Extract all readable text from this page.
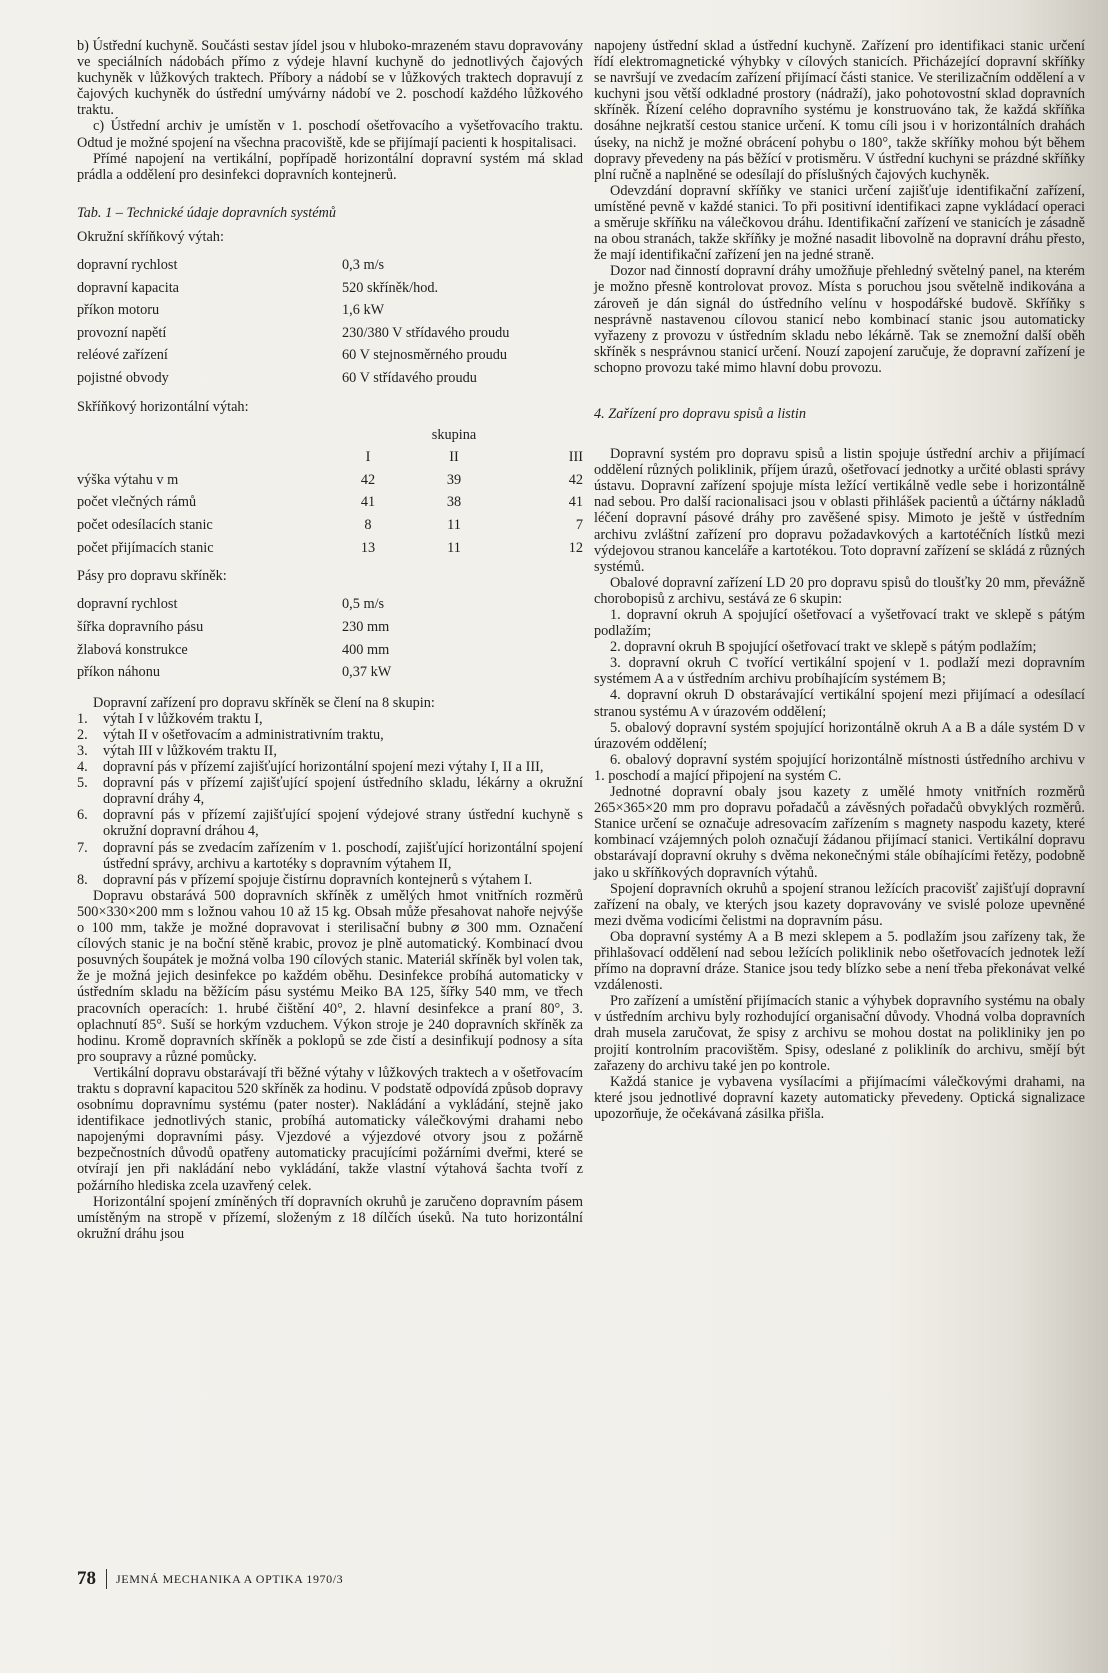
b) Ústřední kuchyně. Součásti sestav jídel jsou v hluboko-mrazeném stavu dopravovány ve speciálních nádobách přímo z výdeje hlavní kuchyně do jednotlivých čajových kuchyněk v lůžkových traktech. Příbory a nádobí se v lůžkových traktech dopravují z čajových kuchyněk do ústřední umývárny nádobí ve 2. poschodí každého lůžkového traktu.

c) Ústřední archiv je umístěn v 1. poschodí ošetřovacího a vyšetřovacího traktu. Odtud je možné spojení na všechna pracoviště, kde se přijímají pacienti k hospitalisaci.

Přímé napojení na vertikální, popřípadě horizontální dopravní systém má sklad prádla a oddělení pro desinfekci dopravních kontejnerů.

Tab. 1 – Technické údaje dopravních systémů

Okružní skříňkový výtah:

dopravní rychlost	0,3 m/s
dopravní kapacita	520 skříněk/hod.
příkon motoru	1,6 kW
provozní napětí	230/380 V střídavého proudu
reléové zařízení	60 V stejnosměrného proudu
pojistné obvody	60 V střídavého proudu

Skříňkový horizontální výtah:

		skupina	
	I	II	III
výška výtahu v m	42	39	42
počet vlečných rámů	41	38	41
počet odesílacích stanic	8	11	7
počet přijímacích stanic	13	11	12

Pásy pro dopravu skříněk:

dopravní rychlost	0,5 m/s
šířka dopravního pásu	230 mm
žlabová konstrukce	400 mm
příkon náhonu	0,37 kW

Dopravní zařízení pro dopravu skříněk se člení na 8 skupin:

1. výtah I v lůžkovém traktu I,
2. výtah II v ošetřovacím a administrativním traktu,
3. výtah III v lůžkovém traktu II,
4. dopravní pás v přízemí zajišťující horizontální spojení mezi výtahy I, II a III,
5. dopravní pás v přízemí zajišťující spojení ústředního skladu, lékárny a okružní dopravní dráhy 4,
6. dopravní pás v přízemí zajišťující spojení výdejové strany ústřední kuchyně s okružní dopravní dráhou 4,
7. dopravní pás se zvedacím zařízením v 1. poschodí, zajišťující horizontální spojení ústřední správy, archivu a kartotéky s dopravním výtahem II,
8. dopravní pás v přízemí spojuje čistírnu dopravních kontejnerů s výtahem I.

Dopravu obstarává 500 dopravních skříněk z umělých hmot vnitřních rozměrů 500×330×200 mm s ložnou vahou 10 až 15 kg. Obsah může přesahovat nahoře nejvýše o 100 mm, takže je možné dopravovat i sterilisační bubny ⌀ 300 mm. Označení cílových stanic je na boční stěně krabic, provoz je plně automatický. Kombinací dvou posuvných šoupátek je možná volba 190 cílových stanic. Materiál skříněk byl volen tak, že je možná jejich desinfekce po každém oběhu. Desinfekce probíhá automaticky v ústředním skladu na běžícím pásu systému Meiko BA 125, šířky 540 mm, ve třech pracovních operacích: 1. hrubé čištění 40°, 2. hlavní desinfekce a praní 80°, 3. oplachnutí 85°. Suší se horkým vzduchem. Výkon stroje je 240 dopravních skříněk za hodinu. Kromě dopravních skříněk a poklopů se zde čistí a desinfikují podnosy a síta pro soupravy a různé pomůcky.

Vertikální dopravu obstarávají tři běžné výtahy v lůžkových traktech a v ošetřovacím traktu s dopravní kapacitou 520 skříněk za hodinu. V podstatě odpovídá způsob dopravy osobnímu dopravnímu systému (pater noster). Nakládání a vykládání, stejně jako identifikace jednotlivých stanic, probíhá automaticky válečkovými drahami nebo napojenými dopravními pásy. Vjezdové a výjezdové otvory jsou z požárně bezpečnostních důvodů opatřeny automaticky pracujícími požárními dveřmi, které se otvírají jen při nakládání nebo vykládání, takže vlastní výtahová šachta tvoří z požárního hlediska zcela uzavřený celek.

Horizontální spojení zmíněných tří dopravních okruhů je zaručeno dopravním pásem umístěným na stropě v přízemí, složeným z 18 dílčích úseků. Na tuto horizontální okružní dráhu jsou

napojeny ústřední sklad a ústřední kuchyně. Zařízení pro identifikaci stanic určení řídí elektromagnetické výhybky v cílových stanicích. Přicházející dopravní skříňky se navršují ve zvedacím zařízení přijímací části stanice. Ve sterilizačním oddělení a v kuchyni jsou větší odkladné prostory (nádraží), jako pohotovostní sklad dopravních skříněk. Řízení celého dopravního systému je konstruováno tak, že každá skříňka dosáhne nejkratší cestou stanice určení. K tomu cíli jsou i v horizontálních drahách úseky, na nichž je možné obrácení pohybu o 180°, takže skříňky mohou být během dopravy převedeny na pás běžící v protisměru. V ústřední kuchyni se prázdné skříňky plní ručně a naplněné se odesílají do příslušných čajových kuchyněk.

Odevzdání dopravní skříňky ve stanici určení zajišťuje identifikační zařízení, umístěné pevně v každé stanici. To při positivní identifikaci zapne vykládací operaci a směruje skříňku na válečkovou dráhu. Identifikační zařízení ve stanicích je zásadně na obou stranách, takže skříňky je možné nasadit libovolně na dopravní dráhu přesto, že mají identifikační zařízení jen na jedné straně.

Dozor nad činností dopravní dráhy umožňuje přehledný světelný panel, na kterém je možno přesně kontrolovat provoz. Místa s poruchou jsou světelně indikována a zároveň je dán signál do ústředního velínu v hospodářské budově. Skříňky s nesprávně nastavenou cílovou stanicí nebo kombinací stanic jsou automaticky vyřazeny z provozu v ústředním skladu nebo lékárně. Tak se znemožní další oběh skříněk s nesprávnou stanicí určení. Nouzí zapojení zaručuje, že dopravní zařízení je schopno provozu také mimo hlavní dobu provozu.

4. Zařízení pro dopravu spisů a listin

Dopravní systém pro dopravu spisů a listin spojuje ústřední archiv a přijímací oddělení různých poliklinik, příjem úrazů, ošetřovací jednotky a určité oblasti správy ústavu. Dopravní zařízení spojuje místa ležící vertikálně vedle sebe i horizontálně nad sebou. Pro další racionalisaci jsou v oblasti přihlášek pacientů a účtárny nákladů léčení dopravní pásové dráhy pro zavěšené spisy. Mimoto je ještě v ústředním archivu zvláštní zařízení pro dopravu požadavkových a kartotéčních lístků mezi výdejovou stranou kanceláře a kartotékou. Toto dopravní zařízení se skládá z různých systémů.

Obalové dopravní zařízení LD 20 pro dopravu spisů do tloušťky 20 mm, převážně chorobopisů z archivu, sestává ze 6 skupin:

1. dopravní okruh A spojující ošetřovací a vyšetřovací trakt ve sklepě s pátým podlažím;
2. dopravní okruh B spojující ošetřovací trakt ve sklepě s pátým podlažím;
3. dopravní okruh C tvořící vertikální spojení v 1. podlaží mezi dopravním systémem A a v ústředním archivu probíhajícím systémem B;
4. dopravní okruh D obstarávající vertikální spojení mezi přijímací a odesílací stranou systému A v úrazovém oddělení;
5. obalový dopravní systém spojující horizontálně okruh A a B a dále systém D v úrazovém oddělení;
6. obalový dopravní systém spojující horizontálně místnosti ústředního archivu v 1. poschodí a mající připojení na systém C.

Jednotné dopravní obaly jsou kazety z umělé hmoty vnitřních rozměrů 265×365×20 mm pro dopravu pořadačů a závěsných pořadačů obvyklých rozměrů. Stanice určení se označuje adresovacím zařízením s magnety naspodu kazety, které kombinací vzájemných poloh označují žádanou přijímací stanici. Vertikální dopravu obstarávají dopravní okruhy s dvěma nekonečnými stále obíhajícími řetězy, podobně jako u skříňkových dopravních výtahů.

Spojení dopravních okruhů a spojení stranou ležících pracovišť zajišťují dopravní zařízení na obaly, ve kterých jsou kazety dopravovány ve svislé poloze upevněné mezi dvěma vodicími čelistmi na dopravním pásu.

Oba dopravní systémy A a B mezi sklepem a 5. podlažím jsou zařízeny tak, že přihlašovací oddělení nad sebou ležících poliklinik nebo ošetřovacích jednotek leží přímo na dopravní dráze. Stanice jsou tedy blízko sebe a není třeba překonávat velké vzdálenosti.

Pro zařízení a umístění přijímacích stanic a výhybek dopravního systému na obaly v ústředním archivu byly rozhodující organisační důvody. Vhodná volba dopravních drah musela zaručovat, že spisy z archivu se mohou dostat na polikliniky jen po projití kontrolním pracovištěm. Spisy, odeslané z polikliník do archivu, smějí být zařazeny do archivu také jen po kontrole.

Každá stanice je vybavena vysílacími a přijímacími válečkovými drahami, na které jsou jednotlivé dopravní kazety automaticky převedeny. Optická signalizace upozorňuje, že očekávaná zásilka přišla.

78 JEMNÁ MECHANIKA A OPTIKA 1970/3
